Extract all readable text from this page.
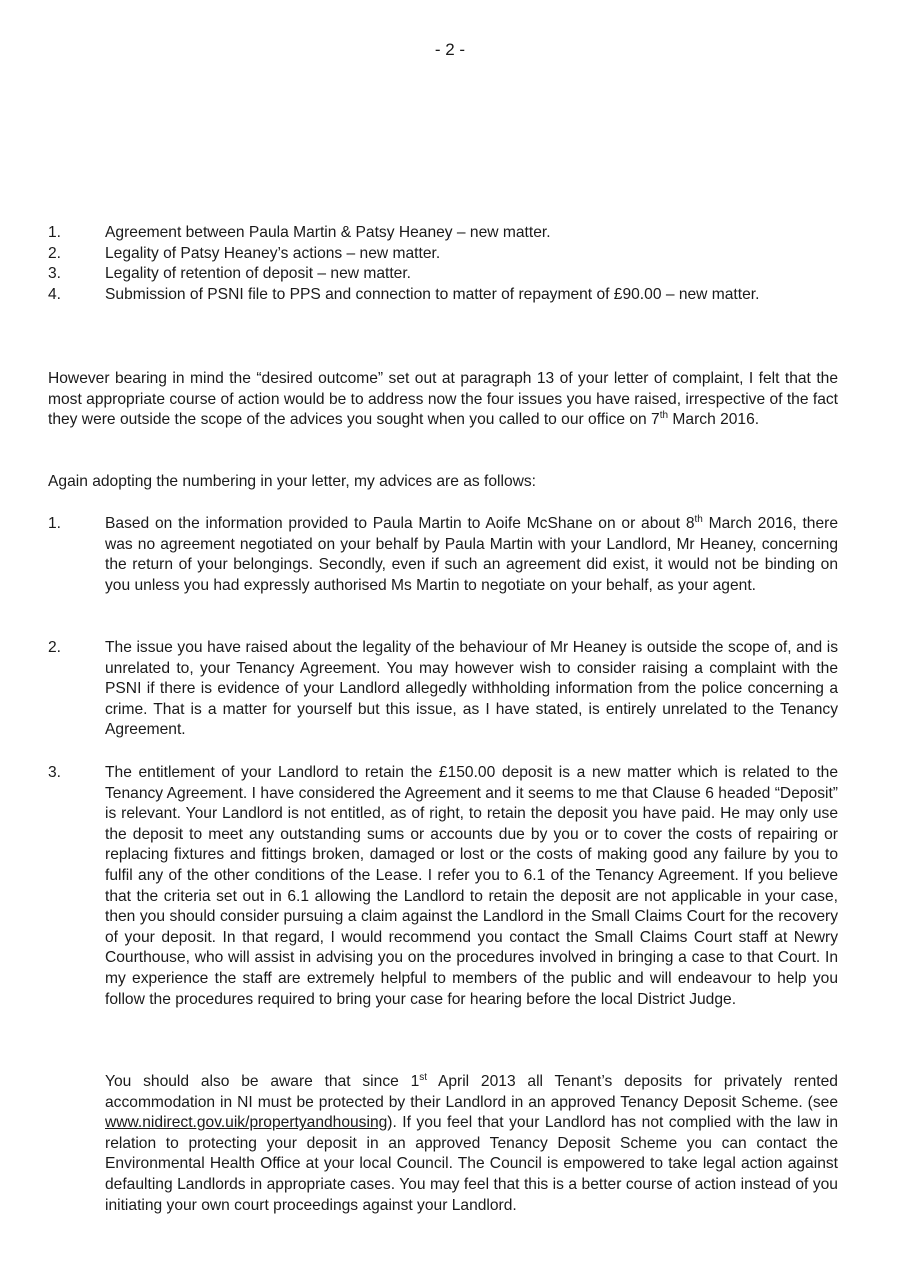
- 2 -
1.	Agreement between Paula Martin & Patsy Heaney – new matter.
2.	Legality of Patsy Heaney’s actions – new matter.
3.	Legality of retention of deposit – new matter.
4.	Submission of PSNI file to PPS and connection to matter of repayment of £90.00 – new matter.

However bearing in mind the “desired outcome” set out at paragraph 13 of your letter of complaint, I felt that the most appropriate course of action would be to address now the four issues you have raised, irrespective of the fact they were outside the scope of the advices you sought when you called to our office on 7th March 2016.

Again adopting the numbering in your letter, my advices are as follows:

1.	Based on the information provided to Paula Martin to Aoife McShane on or about 8th March 2016, there was no agreement negotiated on your behalf by Paula Martin with your Landlord, Mr Heaney, concerning the return of your belongings. Secondly, even if such an agreement did exist, it would not be binding on you unless you had expressly authorised Ms Martin to negotiate on your behalf, as your agent.
2.	The issue you have raised about the legality of the behaviour of Mr Heaney is outside the scope of, and is unrelated to, your Tenancy Agreement. You may however wish to consider raising a complaint with the PSNI if there is evidence of your Landlord allegedly withholding information from the police concerning a crime. That is a matter for yourself but this issue, as I have stated, is entirely unrelated to the Tenancy Agreement.
3.	The entitlement of your Landlord to retain the £150.00 deposit is a new matter which is related to the Tenancy Agreement. I have considered the Agreement and it seems to me that Clause 6 headed “Deposit” is relevant. Your Landlord is not entitled, as of right, to retain the deposit you have paid. He may only use the deposit to meet any outstanding sums or accounts due by you or to cover the costs of repairing or replacing fixtures and fittings broken, damaged or lost or the costs of making good any failure by you to fulfil any of the other conditions of the Lease. I refer you to 6.1 of the Tenancy Agreement. If you believe that the criteria set out in 6.1 allowing the Landlord to retain the deposit are not applicable in your case, then you should consider pursuing a claim against the Landlord in the Small Claims Court for the recovery of your deposit. In that regard, I would recommend you contact the Small Claims Court staff at Newry Courthouse, who will assist in advising you on the procedures involved in bringing a case to that Court. In my experience the staff are extremely helpful to members of the public and will endeavour to help you follow the procedures required to bring your case for hearing before the local District Judge.

You should also be aware that since 1st April 2013 all Tenant’s deposits for privately rented accommodation in NI must be protected by their Landlord in an approved Tenancy Deposit Scheme. (see www.nidirect.gov.uik/propertyandhousing). If you feel that your Landlord has not complied with the law in relation to protecting your deposit in an approved Tenancy Deposit Scheme you can contact the Environmental Health Office at your local Council. The Council is empowered to take legal action against defaulting Landlords in appropriate cases. You may feel that this is a better course of action instead of you initiating your own court proceedings against your Landlord.
